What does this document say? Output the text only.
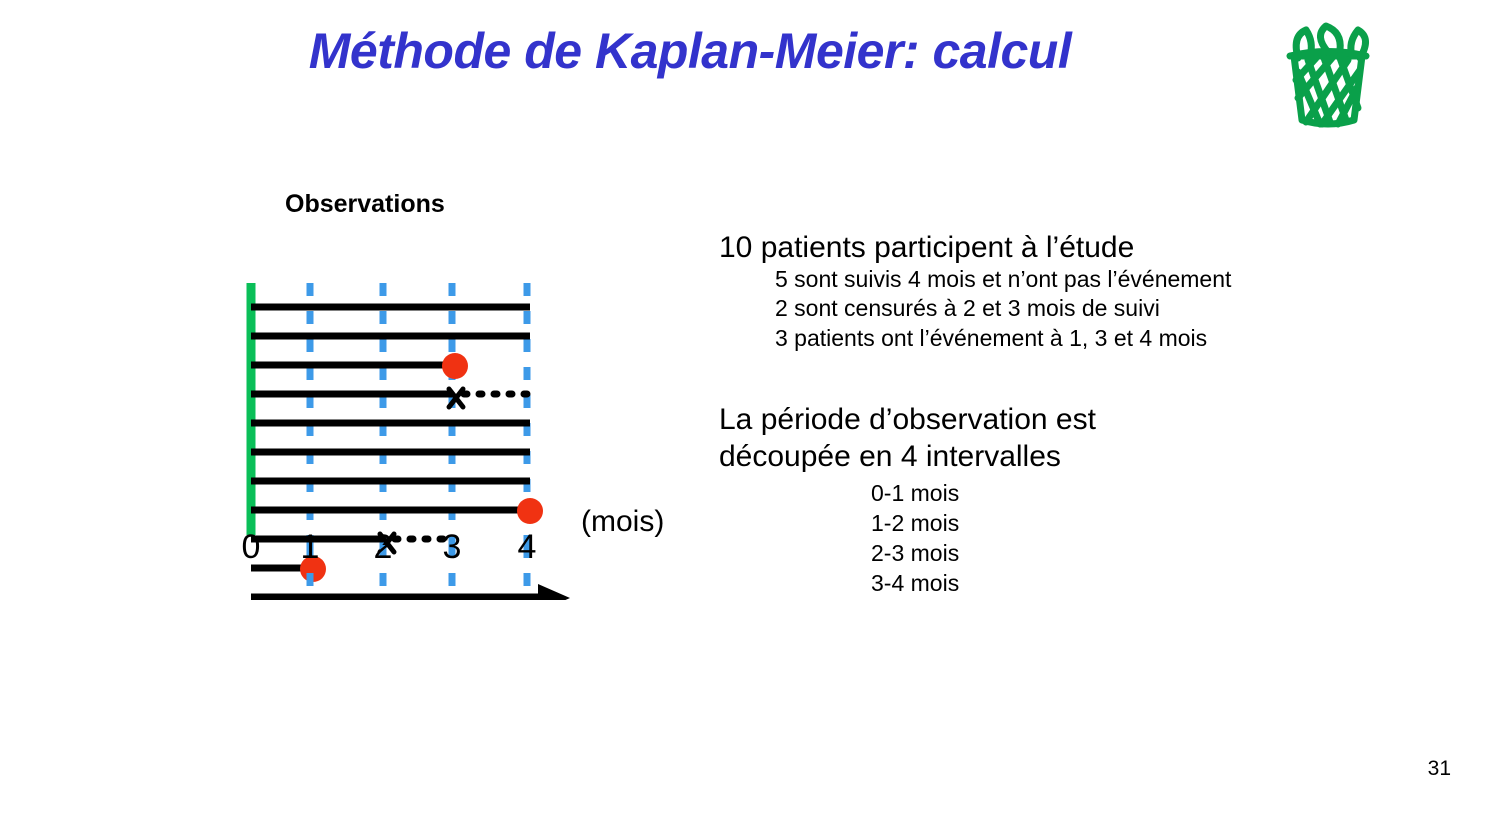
Méthode de Kaplan-Meier: calcul
Observations
0 1 2 3 4
(mois)
10 patients participent à l’étude
5 sont suivis 4 mois et n’ont pas l’événement
2 sont censurés à 2 et 3 mois de suivi
3 patients ont l’événement à 1, 3 et 4 mois
La période d’observation est
découpée en 4 intervalles
0-1 mois
1-2 mois
2-3 mois
3-4 mois
31
